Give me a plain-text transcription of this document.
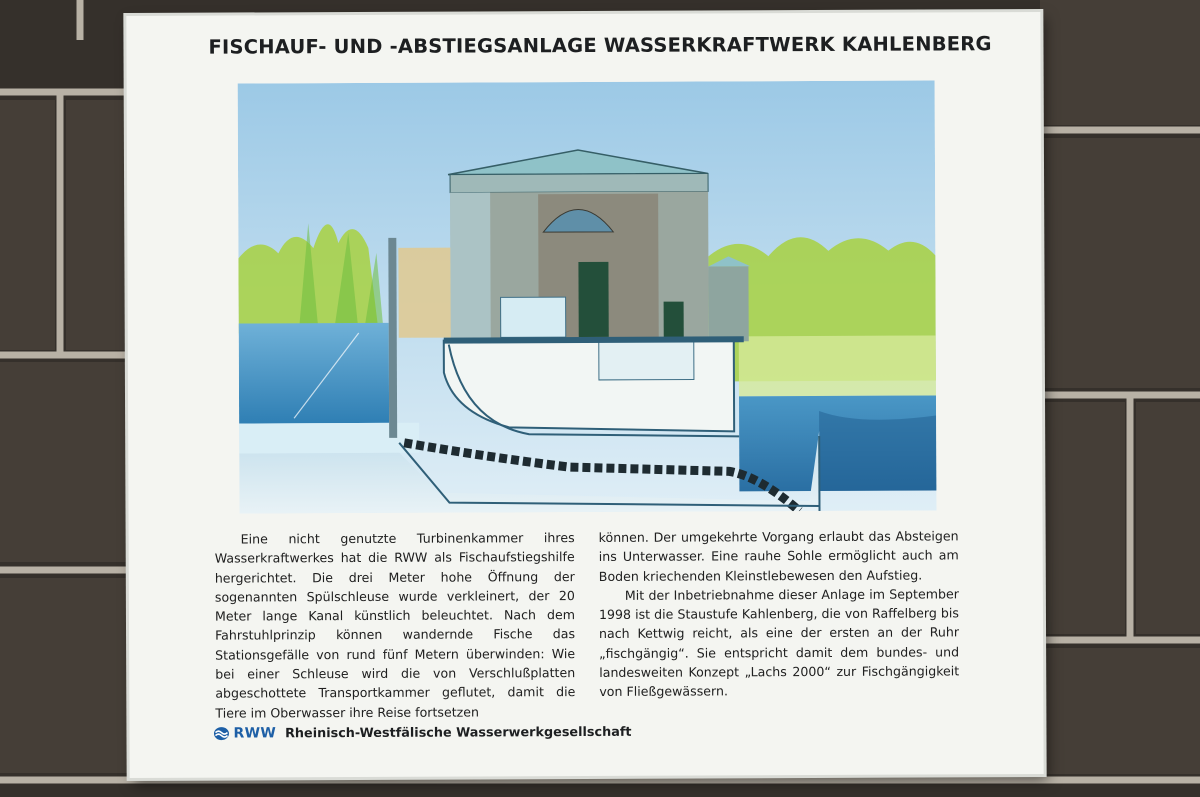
FISCHAUF- UND -ABSTIEGSANLAGE WASSERKRAFTWERK KAHLENBERG

Eine nicht genutzte Turbinenkammer ihres Wasserkraftwerkes hat die RWW als Fischaufstiegshilfe hergerichtet. Die drei Meter hohe Öffnung der sogenannten Spülschleuse wurde verkleinert, der 20 Meter lange Kanal künstlich beleuchtet. Nach dem Fahrstuhlprinzip können wandernde Fische das Stationsgefälle von rund fünf Metern überwinden: Wie bei einer Schleuse wird die von Verschlußplatten abgeschottete Transportkammer geflutet, damit die Tiere im Oberwasser ihre Reise fortsetzen

können. Der umgekehrte Vorgang erlaubt das Absteigen ins Unterwasser. Eine rauhe Sohle ermöglicht auch am Boden kriechenden Kleinstlebewesen den Aufstieg.

Mit der Inbetriebnahme dieser Anlage im September 1998 ist die Staustufe Kahlenberg, die von Raffelberg bis nach Kettwig reicht, als eine der ersten an der Ruhr „fischgängig“. Sie entspricht damit dem bundes- und landesweiten Konzept „Lachs 2000“ zur Fischgängigkeit von Fließgewässern.

RWW Rheinisch-Westfälische Wasserwerkgesellschaft
